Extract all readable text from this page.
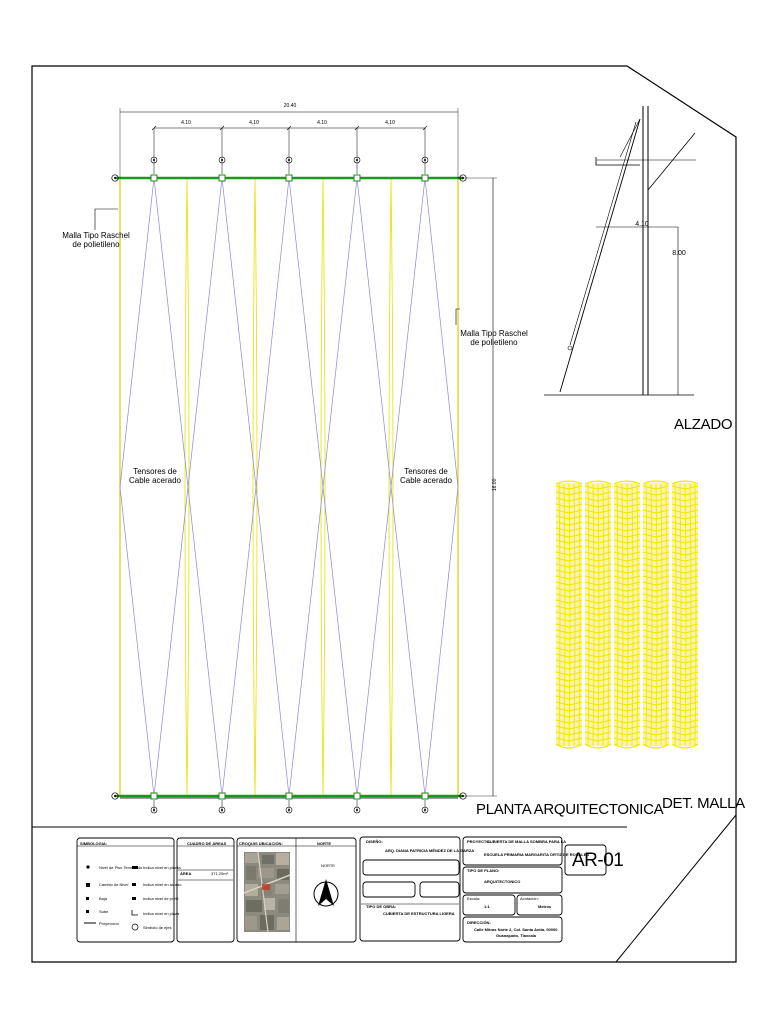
20.40
4.10	4.10	4.10	4.10
16.00
Malla Tipo Raschel
de polietileno
Malla Tipo Raschel
de polietileno
Tensores de
Cable acerado
Tensores de
Cable acerado
PLANTA ARQUITECTONICA
4.10
8.00
ALZADO
DET. MALLA
SIMBOLOGIA:
Nivel de Piso Terminado
Cambio de Nivel
Baja
Sube
Proyeccion
Indica nivel en planta
Indica nivel en alzado
Indica nivel de pretil
Indica nivel en plaza
Simbolo de ejes
CUADRO DE ÁREAS
ÁREA	371.20m²
CROQUIS UBICACIÓN:	NORTE
NORTE
DISEÑO:
ARQ. DIANA PATRICIA MÉNDEZ DE LA GARZA
TIPO DE OBRA:
CUBIERTA DE ESTRUCTURA LIGERA
PROYECTO:
CUBIERTA DE MALLA SOMBRA PARA LA
ESCUELA PRIMARIA MARGARITA ORTIZ DE ROSALES
TIPO DE PLANO:
ARQUITECTONICO
Escala:
1:1
Acotación:
Metros
DIRECCIÓN:
Calle Mitras Norte 2, Col. Santa Anita, 00000
Guanajuato, Tlaxcala
AR-01
